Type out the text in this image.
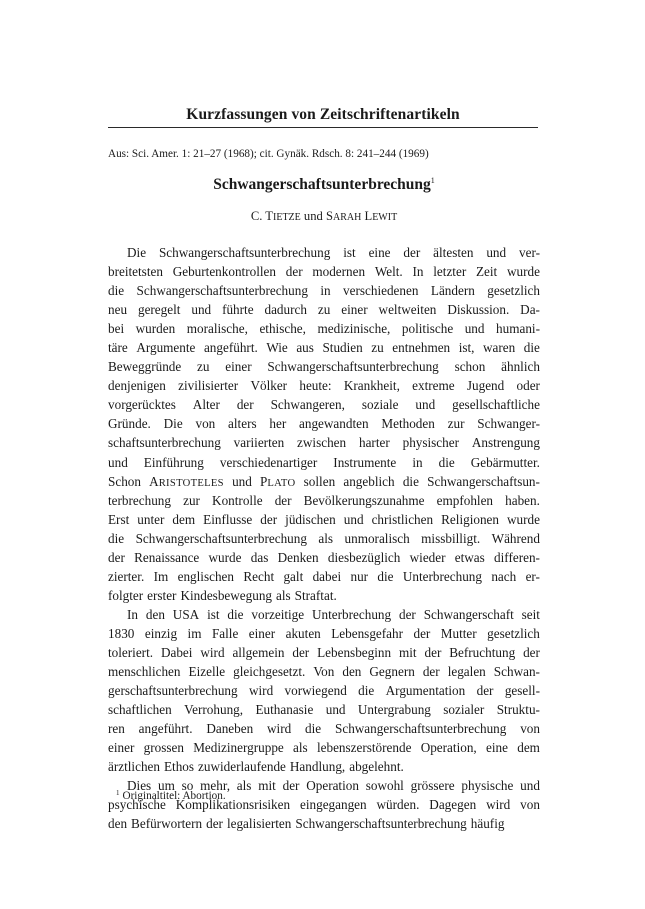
Kurzfassungen von Zeitschriftenartikeln
Aus: Sci. Amer. 1: 21–27 (1968); cit. Gynäk. Rdsch. 8: 241–244 (1969)
Schwangerschaftsunterbrechung$^1$
C. TIETZE und SARAH LEWIT
Die Schwangerschaftsunterbrechung ist eine der ältesten und ver-
breitetsten Geburtenkontrollen der modernen Welt. In letzter Zeit wurde
die Schwangerschaftsunterbrechung in verschiedenen Ländern gesetzlich
neu geregelt und führte dadurch zu einer weltweiten Diskussion. Da-
bei wurden moralische, ethische, medizinische, politische und humani-
täre Argumente angeführt. Wie aus Studien zu entnehmen ist, waren die
Beweggründe zu einer Schwangerschaftsunterbrechung schon ähnlich
denjenigen zivilisierter Völker heute: Krankheit, extreme Jugend oder
vorgerücktes Alter der Schwangeren, soziale und gesellschaftliche
Gründe. Die von alters her angewandten Methoden zur Schwanger-
schaftsunterbrechung variierten zwischen harter physischer Anstrengung
und Einführung verschiedenartiger Instrumente in die Gebärmutter.
Schon ARISTOTELES und PLATO sollen angeblich die Schwangerschaftsun-
terbrechung zur Kontrolle der Bevölkerungszunahme empfohlen haben.
Erst unter dem Einflusse der jüdischen und christlichen Religionen wurde
die Schwangerschaftsunterbrechung als unmoralisch missbilligt. Während
der Renaissance wurde das Denken diesbezüglich wieder etwas differen-
zierter. Im englischen Recht galt dabei nur die Unterbrechung nach er-
folgter erster Kindesbewegung als Straftat.
In den USA ist die vorzeitige Unterbrechung der Schwangerschaft seit
1830 einzig im Falle einer akuten Lebensgefahr der Mutter gesetzlich
toleriert. Dabei wird allgemein der Lebensbeginn mit der Befruchtung der
menschlichen Eizelle gleichgesetzt. Von den Gegnern der legalen Schwan-
gerschaftsunterbrechung wird vorwiegend die Argumentation der gesell-
schaftlichen Verrohung, Euthanasie und Untergrabung sozialer Struktu-
ren angeführt. Daneben wird die Schwangerschaftsunterbrechung von
einer grossen Medizinergruppe als lebenszerstörende Operation, eine dem
ärztlichen Ethos zuwiderlaufende Handlung, abgelehnt.
Dies um so mehr, als mit der Operation sowohl grössere physische und
psychische Komplikationsrisiken eingegangen würden. Dagegen wird von
den Befürwortern der legalisierten Schwangerschaftsunterbrechung häufig
$^1$ Originaltitel: Abortion.
